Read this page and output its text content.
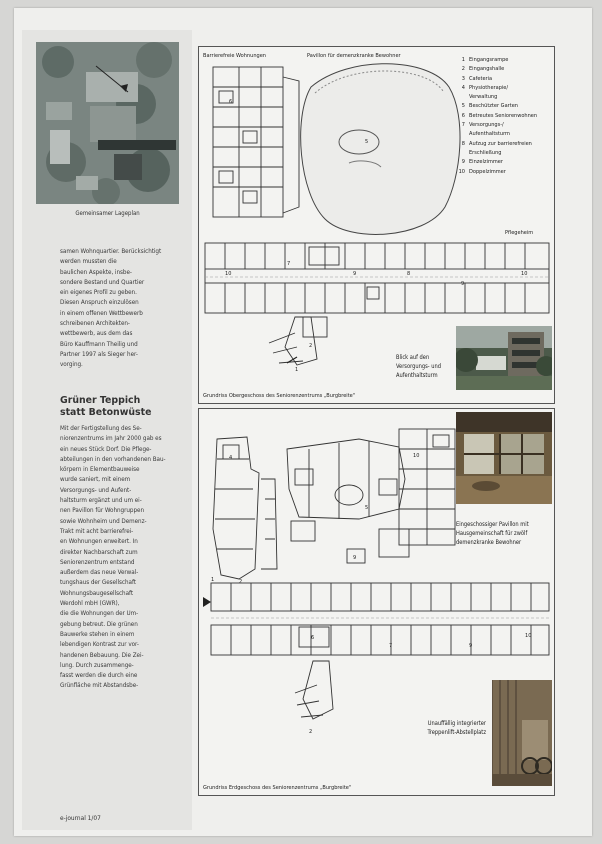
Gemeinsamer Lageplan

samen Wohnquartier. Berücksichtigt werden mussten die

baulichen Aspekte, insbe-

sondere Bestand und Quartier

ein eigenes Profil zu geben.

Diesen Anspruch einzulösen

in einem offenen Wettbewerb

schreibenen Architekten-

wettbewerb, aus dem das

Büro Kauffmann Theilig und

Partner 1997 als Sieger her-

vorging.

Grüner Teppich
statt Betonwüste

Mit der Fertigstellung des Se-

niorenzentrums im Jahr 2000 gab es

ein neues Stück Dorf. Die Pflege-

abteilungen in den vorhandenen Bau-

körpern in Elementbauweise

wurde saniert, mit einem

Versorgungs- und Aufent-

haltsturm ergänzt und um ei-

nen Pavillon für Wohngruppen

sowie Wohnheim und Demenz-

Trakt mit acht barrierefrei-

en Wohnungen erweitert. In

direkter Nachbarschaft zum

Seniorenzentrum entstand

außerdem das neue Verwal-

tungshaus der Gesellschaft

Wohnungsbaugesellschaft

Werdohl mbH (GWR),

die die Wohnungen der Um-

gebung betreut. Die grünen

Bauwerke stehen in einem

lebendigen Kontrast zur vor-

handenen Bebauung. Die Zei-

lung. Durch zusammenge-

fasst werden die durch eine

Grünfläche mit Abstandsbe-

Barrierefreie Wohnungen	Pavillon für demenzkranke Bewohner
Pflegeheim
6
5
10
7
9	8
9
10
2
1
Grundriss Obergeschoss des Seniorenzentrums „Burgbreite"
1 Eingangsrampe
2 Eingangshalle
3 Cafeteria
4 Physiotherapie/
Verwaltung
5 Beschützter Garten
6 Betreutes Seniorenwohnen
7 Versorgungs-/
Aufenthaltsturm
8 Aufzug zur barrierefreien
Erschließung
9 Einzelzimmer
10 Doppelzimmer
Blick auf den
Versorgungs- und
Aufenthaltsturm
4	10
5
9
2
1
6
7	9
10
2
Grundriss Erdgeschoss des Seniorenzentrums „Burgbreite"
Eingeschossiger Pavillon mit
Hausgemeinschaft für zwölf
demenzkranke Bewohner
Unauffällig integrierter
Treppenlift-Abstellplatz
e-journal 1/07
